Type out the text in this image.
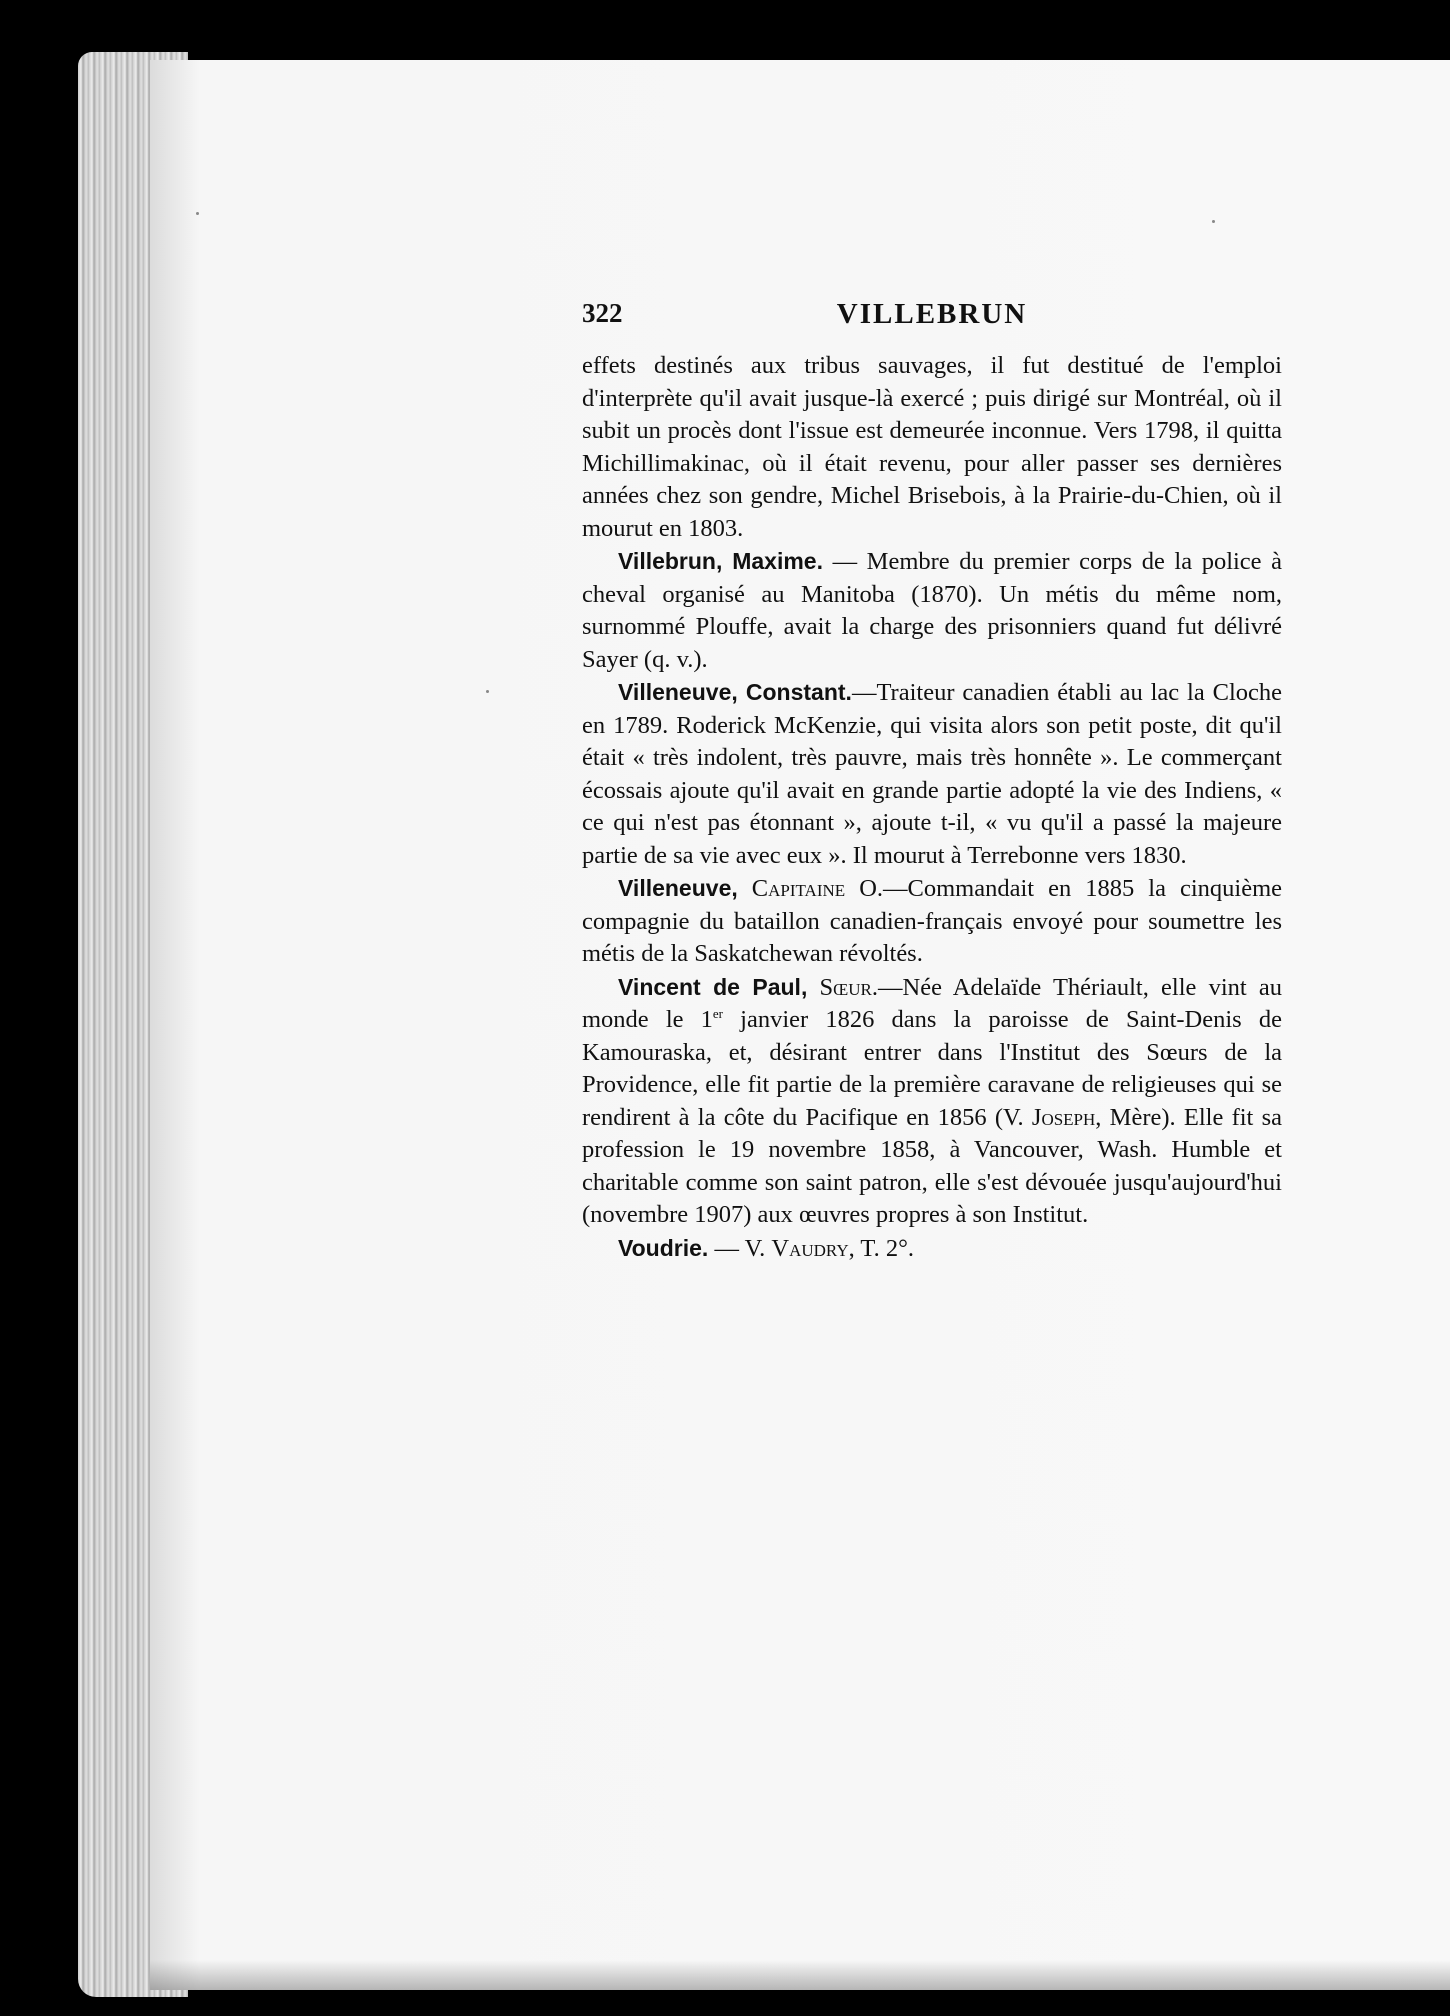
322	VILLEBRUN

effets destinés aux tribus sauvages, il fut destitué de l'emploi d'interprète qu'il avait jusque-là exercé ; puis dirigé sur Montréal, où il subit un procès dont l'issue est demeurée inconnue. Vers 1798, il quitta Michillimakinac, où il était revenu, pour aller passer ses dernières années chez son gendre, Michel Brisebois, à la Prairie-du-Chien, où il mourut en 1803.

Villebrun, Maxime. — Membre du premier corps de la police à cheval organisé au Manitoba (1870). Un métis du même nom, surnommé Plouffe, avait la charge des prisonniers quand fut délivré Sayer (q. v.).

Villeneuve, Constant.—Traiteur canadien établi au lac la Cloche en 1789. Roderick McKenzie, qui visita alors son petit poste, dit qu'il était « très indolent, très pauvre, mais très honnête ». Le commerçant écossais ajoute qu'il avait en grande partie adopté la vie des Indiens, « ce qui n'est pas étonnant », ajoute t-il, « vu qu'il a passé la majeure partie de sa vie avec eux ». Il mourut à Terrebonne vers 1830.

Villeneuve, Capitaine O.—Commandait en 1885 la cinquième compagnie du bataillon canadien-français envoyé pour soumettre les métis de la Saskatchewan révoltés.

Vincent de Paul, Sœur.—Née Adelaïde Thériault, elle vint au monde le 1er janvier 1826 dans la paroisse de Saint-Denis de Kamouraska, et, désirant entrer dans l'Institut des Sœurs de la Providence, elle fit partie de la première caravane de religieuses qui se rendirent à la côte du Pacifique en 1856 (V. Joseph, Mère). Elle fit sa profession le 19 novembre 1858, à Vancouver, Wash. Humble et charitable comme son saint patron, elle s'est dévouée jusqu'aujourd'hui (novembre 1907) aux œuvres propres à son Institut.

Voudrie. — V. Vaudry, T. 2°.
